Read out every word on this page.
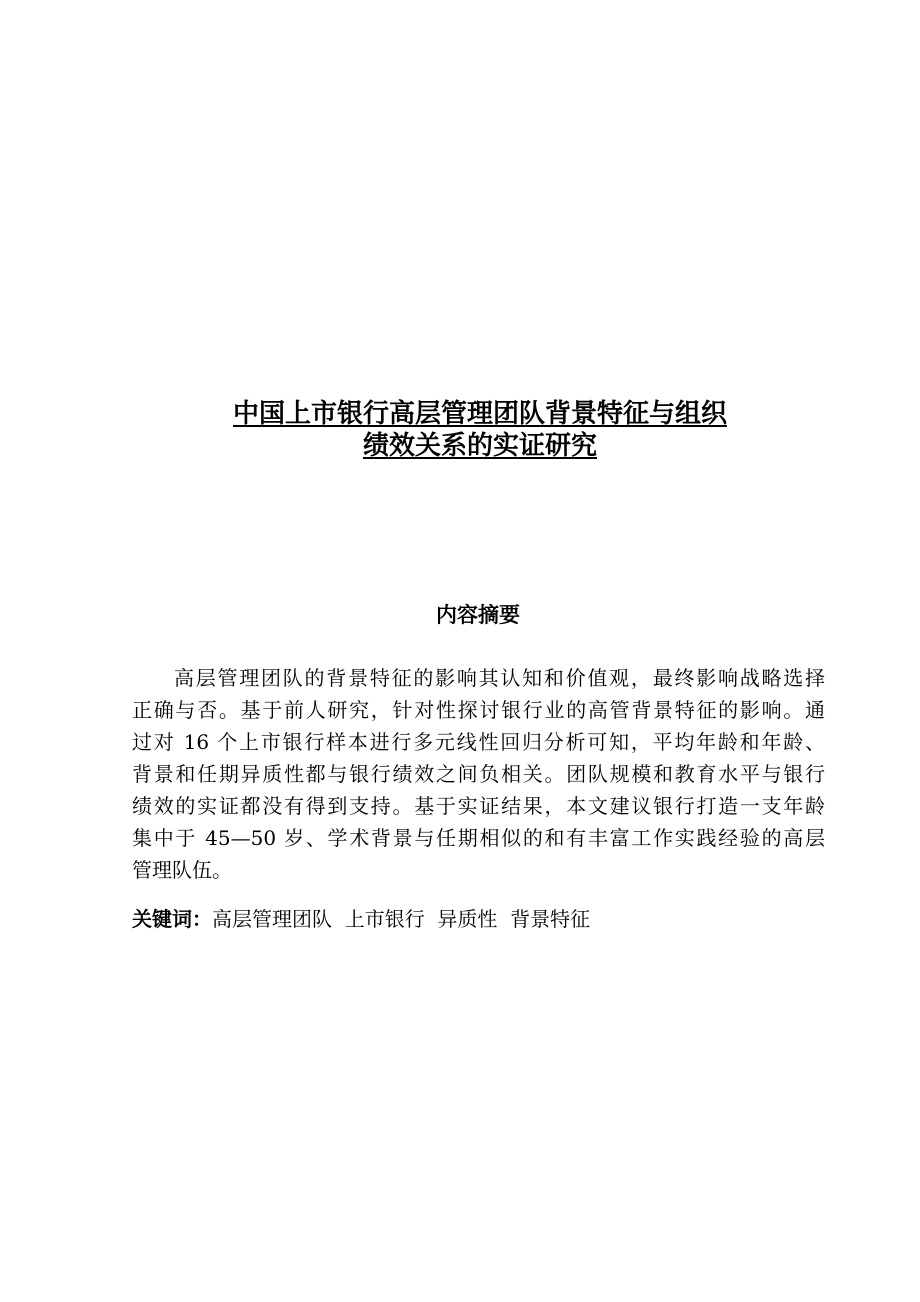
中国上市银行高层管理团队背景特征与组织
绩效关系的实证研究
内容摘要
高层管理团队的背景特征的影响其认知和价值观，最终影响战略选择
正确与否。基于前人研究，针对性探讨银行业的高管背景特征的影响。通
过对 16 个上市银行样本进行多元线性回归分析可知，平均年龄和年龄、
背景和任期异质性都与银行绩效之间负相关。团队规模和教育水平与银行
绩效的实证都没有得到支持。基于实证结果，本文建议银行打造一支年龄
集中于 45—50 岁、学术背景与任期相似的和有丰富工作实践经验的高层
管理队伍。

关键词：高层管理团队  上市银行  异质性  背景特征
